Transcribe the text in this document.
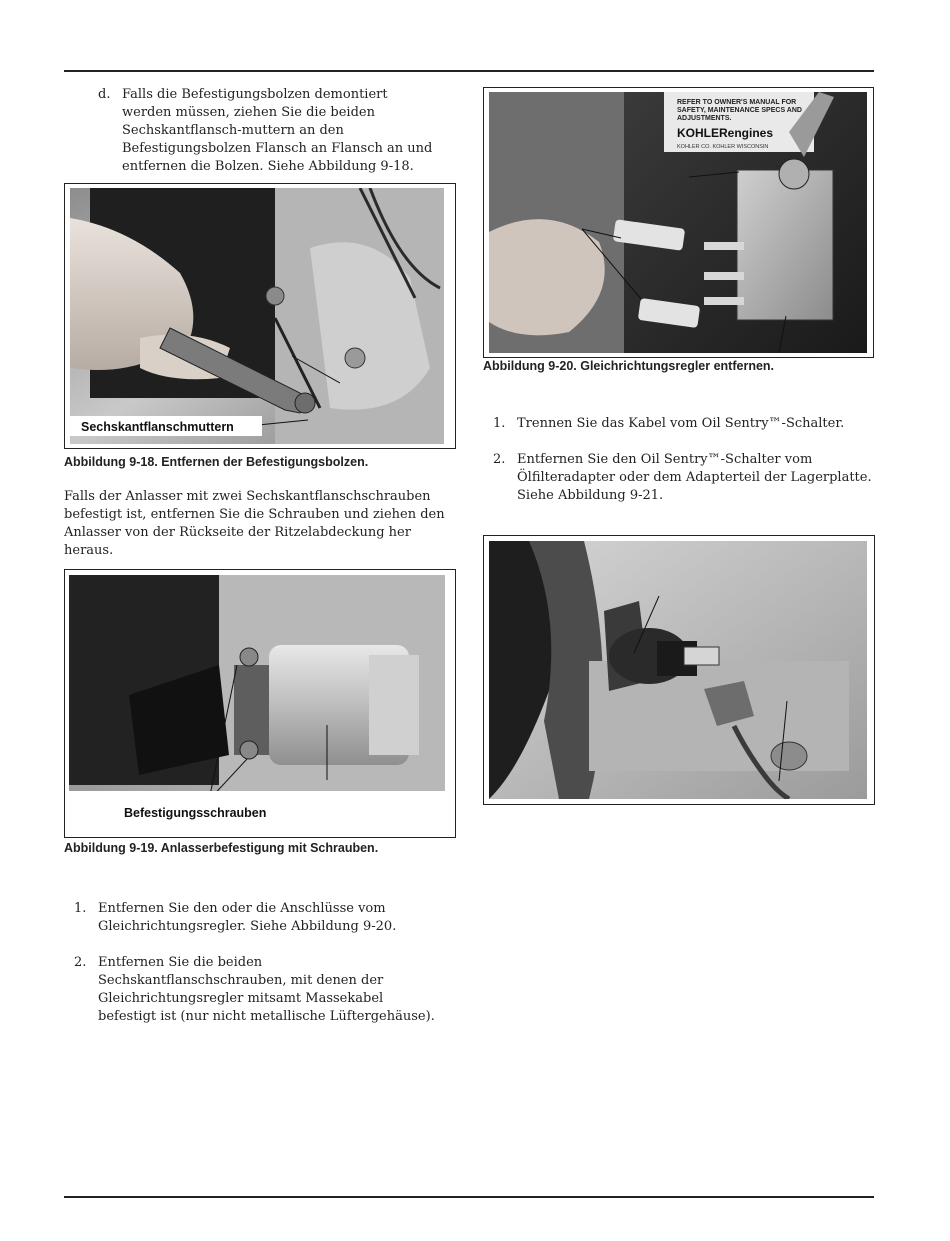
d. Falls die Befestigungsbolzen demontiert werden müssen, ziehen Sie die beiden Sechskantflansch-muttern an den Befestigungsbolzen Flansch an Flansch an und entfernen die Bolzen. Siehe Abbildung 9-18.
Sechskantflanschmuttern
Abbildung 9-18. Entfernen der Befestigungsbolzen.
Falls der Anlasser mit zwei Sechskantflanschschrauben befestigt ist, entfernen Sie die Schrauben und ziehen den Anlasser von der Rückseite der Ritzelabdeckung her heraus.
Befestigungsschrauben
Abbildung 9-19. Anlasserbefestigung mit Schrauben.
1. Entfernen Sie den oder die Anschlüsse vom Gleichrichtungsregler. Siehe Abbildung 9-20.
2. Entfernen Sie die beiden Sechskantflanschschrauben, mit denen der Gleichrichtungsregler mitsamt Massekabel befestigt ist (nur nicht metallische Lüftergehäuse).
REFER TO OWNER'S MANUAL FOR
SAFETY, MAINTENANCE SPECS AND
ADJUSTMENTS.
KOHLERengines
KOHLER CO. KOHLER WISCONSIN
Abbildung 9-20. Gleichrichtungsregler entfernen.
1. Trennen Sie das Kabel vom Oil Sentry™-Schalter.
2. Entfernen Sie den Oil Sentry™-Schalter vom Ölfilteradapter oder dem Adapterteil der Lagerplatte. Siehe Abbildung 9-21.
